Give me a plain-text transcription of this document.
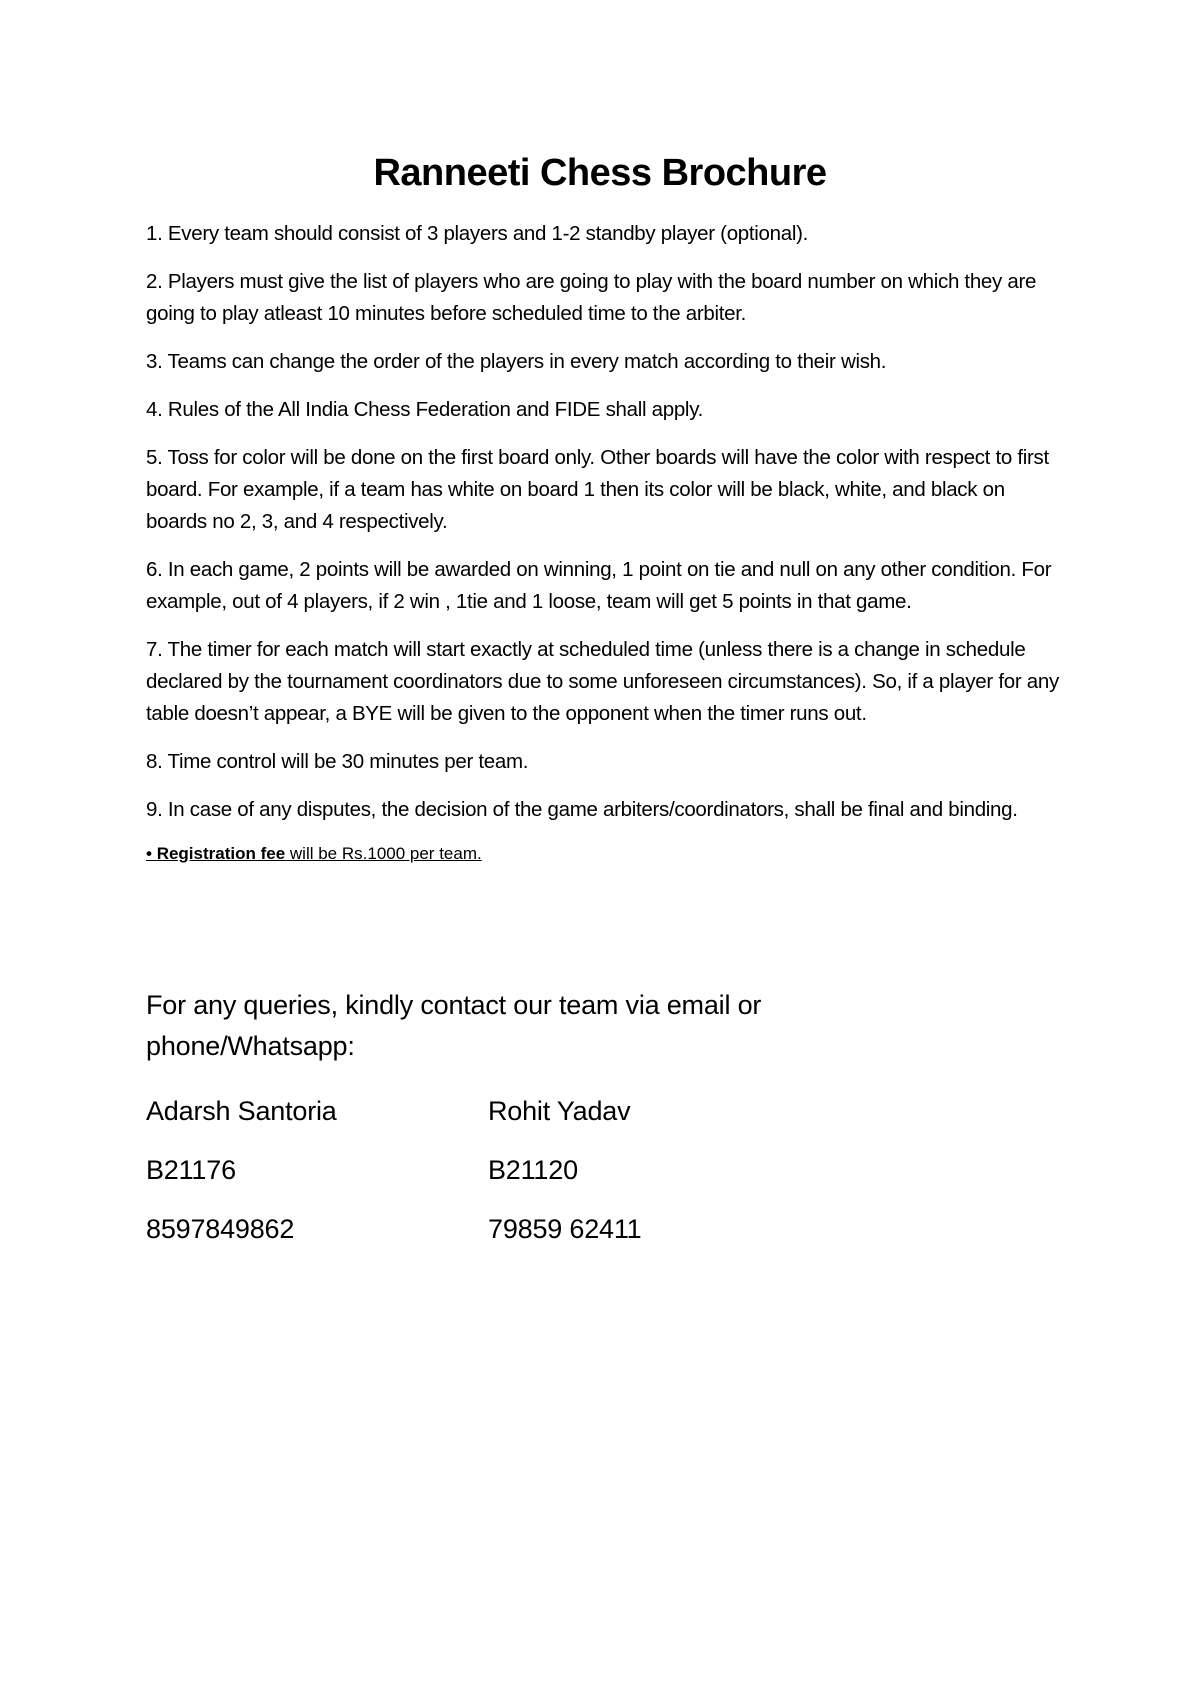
Ranneeti Chess Brochure

1. Every team should consist of 3 players and 1-2 standby player (optional).

2. Players must give the list of players who are going to play with the board number on which they are going to play atleast 10 minutes before scheduled time to the arbiter.

3. Teams can change the order of the players in every match according to their wish.

4. Rules of the All India Chess Federation and FIDE shall apply.

5. Toss for color will be done on the first board only. Other boards will have the color with respect to first board. For example, if a team has white on board 1 then its color will be black, white, and black on boards no 2, 3, and 4 respectively.

6. In each game, 2 points will be awarded on winning, 1 point on tie and null on any other condition. For example, out of 4 players, if 2 win , 1tie and 1 loose, team will get 5 points in that game.

7. The timer for each match will start exactly at scheduled time (unless there is a change in schedule declared by the tournament coordinators due to some unforeseen circumstances). So, if a player for any table doesn’t appear, a BYE will be given to the opponent when the timer runs out.

8. Time control will be 30 minutes per team.

9. In case of any disputes, the decision of the game arbiters/coordinators, shall be final and binding.

• Registration fee will be Rs.1000 per team.
For any queries, kindly contact our team via email or phone/Whatsapp:
Adarsh Santoria
B21176
8597849862
Rohit Yadav
B21120
79859 62411
